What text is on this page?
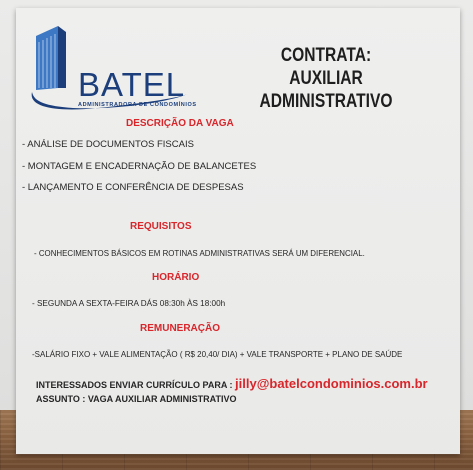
BATEL
ADMINISTRADORA DE CONDOMÍNIOS
CONTRATA:
AUXILIAR ADMINISTRATIVO
DESCRIÇÃO DA VAGA
- ANÁLISE DE DOCUMENTOS FISCAIS
- MONTAGEM E ENCADERNAÇÃO DE BALANCETES
- LANÇAMENTO E CONFERÊNCIA DE DESPESAS
REQUISITOS
- CONHECIMENTOS BÁSICOS EM ROTINAS ADMINISTRATIVAS SERÁ UM DIFERENCIAL.
HORÁRIO
- SEGUNDA A SEXTA-FEIRA DÁS 08:30h ÀS 18:00h
REMUNERAÇÃO
-SALÁRIO FIXO + VALE ALIMENTAÇÃO ( R$ 20,40/ DIA) + VALE TRANSPORTE + PLANO DE SAÚDE
INTERESSADOS ENVIAR CURRÍCULO PARA : jilly@batelcondominios.com.br
ASSUNTO : VAGA AUXILIAR ADMINISTRATIVO
